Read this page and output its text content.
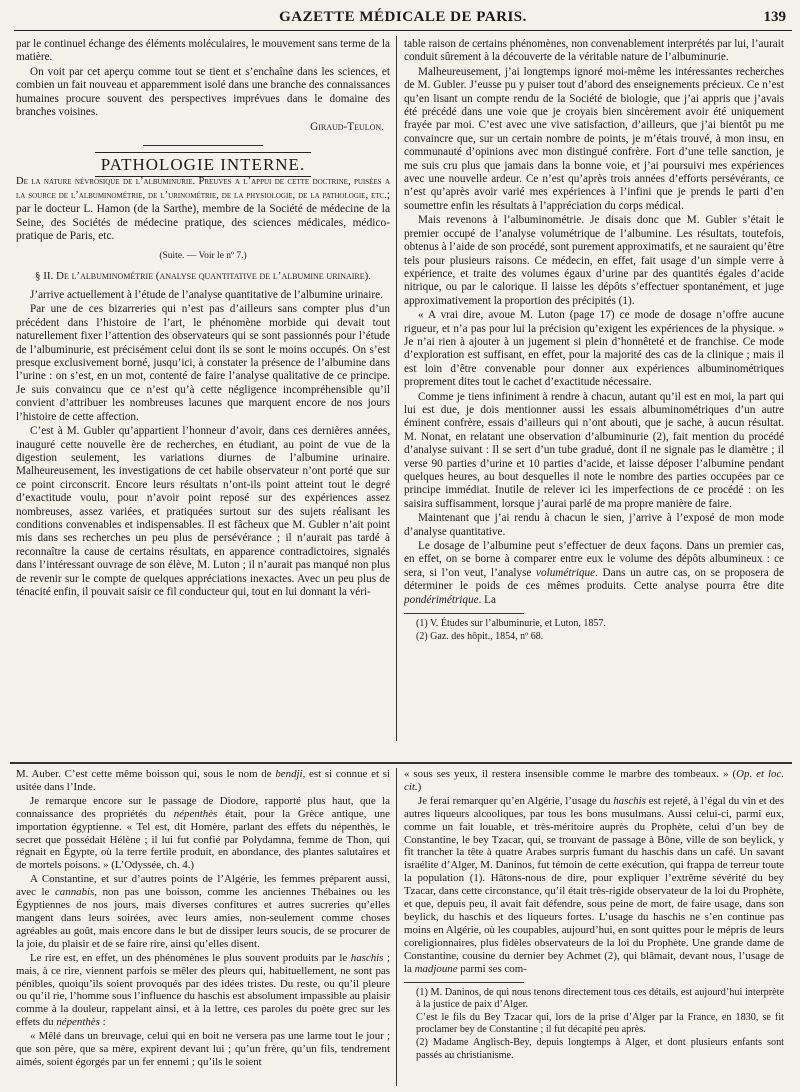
GAZETTE MÉDICALE DE PARIS.	139

par le continuel échange des éléments moléculaires, le mouvement sans terme de la matière.

On voit par cet aperçu comme tout se tient et s’enchaîne dans les sciences, et combien un fait nouveau et apparemment isolé dans une branche des connaissances humaines procure souvent des perspectives imprévues dans le domaine des branches voisines.

Giraud-Teulon.
PATHOLOGIE INTERNE.

De la nature névrosique de l’albuminurie. Preuves a l’appui de cette doctrine, puisées a la source de l’albuminométrie, de l’urinométrie, de la physiologie, de la pathologie, etc.; par le docteur L. Hamon (de la Sarthe), membre de la Société de médecine de la Seine, des Sociétés de médecine pratique, des sciences médicales, médico-pratique de Paris, etc.

(Suite. — Voir le nº 7.)
§ II. De l’albuminométrie (analyse quantitative de l’albumine urinaire).

J’arrive actuellement à l’étude de l’analyse quantitative de l’albumine urinaire.

Par une de ces bizarreries qui n’est pas d’ailleurs sans compter plus d’un précédent dans l’histoire de l’art, le phénomène morbide qui devait tout naturellement fixer l’attention des observateurs qui se sont passionnés pour l’étude de l’albuminurie, est précisément celui dont ils se sont le moins occupés. On s’est presque exclusivement borné, jusqu’ici, à constater la présence de l’albumine dans l’urine : on s’est, en un mot, contenté de faire l’analyse qualitative de ce principe. Je suis convaincu que ce n’est qu’à cette négligence incompréhensible qu’il convient d’attribuer les nombreuses lacunes que marquent encore de nos jours l’histoire de cette affection.

C’est à M. Gubler qu’appartient l’honneur d’avoir, dans ces dernières années, inauguré cette nouvelle ère de recherches, en étudiant, au point de vue de la digestion seulement, les variations diurnes de l’albumine urinaire. Malheureusement, les investigations de cet habile observateur n’ont porté que sur ce point circonscrit. Encore leurs résultats n’ont-ils point atteint tout le degré d’exactitude voulu, pour n’avoir point reposé sur des expériences assez nombreuses, assez variées, et pratiquées surtout sur des sujets réalisant les conditions convenables et indispensables. Il est fâcheux que M. Gubler n’ait point mis dans ses recherches un peu plus de persévérance ; il n’aurait pas tardé à reconnaître la cause de certains résultats, en apparence contradictoires, signalés dans l’intéressant ouvrage de son élève, M. Luton ; il n’aurait pas manqué non plus de revenir sur le compte de quelques appréciations inexactes. Avec un peu plus de ténacité enfin, il pouvait saisir ce fil conducteur qui, tout en lui donnant la véri-

table raison de certains phénomènes, non convenablement interprétés par lui, l’aurait conduit sûrement à la découverte de la véritable nature de l’albuminurie.

Malheureusement, j’ai longtemps ignoré moi-même les intéressantes recherches de M. Gubler. J’eusse pu y puiser tout d’abord des enseignements précieux. Ce n’est qu’en lisant un compte rendu de la Société de biologie, que j’ai appris que j’avais été précédé dans une voie que je croyais bien sincèrement avoir été uniquement frayée par moi. C’est avec une vive satisfaction, d’ailleurs, que j’ai bientôt pu me convaincre que, sur un certain nombre de points, je m’étais trouvé, à mon insu, en communauté d’opinions avec mon distingué confrère. Fort d’une telle sanction, je me suis cru plus que jamais dans la bonne voie, et j’ai poursuivi mes expériences avec une nouvelle ardeur. Ce n’est qu’après trois années d’efforts persévérants, ce n’est qu’après avoir varié mes expériences à l’infini que je prends le parti d’en soumettre enfin les résultats à l’appréciation du corps médical.

Mais revenons à l’albuminométrie. Je disais donc que M. Gubler s’était le premier occupé de l’analyse volumétrique de l’albumine. Les résultats, toutefois, obtenus à l’aide de son procédé, sont purement approximatifs, et ne sauraient qu’être tels pour plusieurs raisons. Ce médecin, en effet, fait usage d’un simple verre à expérience, et traite des volumes égaux d’urine par des quantités égales d’acide nitrique, ou par le calorique. Il laisse les dépôts s’effectuer spontanément, et juge approximativement la proportion des précipités (1).

« A vrai dire, avoue M. Luton (page 17) ce mode de dosage n’offre aucune rigueur, et n’a pas pour lui la précision qu’exigent les expériences de la physique. » Je n’ai rien à ajouter à un jugement si plein d’honnêteté et de franchise. Ce mode d’exploration est suffisant, en effet, pour la majorité des cas de la clinique ; mais il est loin d’être convenable pour donner aux expériences albuminométriques proprement dites tout le cachet d’exactitude nécessaire.

Comme je tiens infiniment à rendre à chacun, autant qu’il est en moi, la part qui lui est due, je dois mentionner aussi les essais albuminométriques d’un autre éminent confrère, essais d’ailleurs qui n’ont abouti, que je sache, à aucun résultat. M. Nonat, en relatant une observation d’albuminurie (2), fait mention du procédé d’analyse suivant : Il se sert d’un tube gradué, dont il ne signale pas le diamètre ; il verse 90 parties d’urine et 10 parties d’acide, et laisse déposer l’albumine pendant quelques heures, au bout desquelles il note le nombre des parties occupées par ce principe immédiat. Inutile de relever ici les imperfections de ce procédé : on les saisira suffisamment, lorsque j’aurai parlé de ma propre manière de faire.

Maintenant que j’ai rendu à chacun le sien, j’arrive à l’exposé de mon mode d’analyse quantitative.

Le dosage de l’albumine peut s’effectuer de deux façons. Dans un premier cas, en effet, on se borne à comparer entre eux le volume des dépôts albumineux : ce sera, si l’on veut, l’analyse volumétrique. Dans un autre cas, on se proposera de déterminer le poids de ces mêmes produits. Cette analyse pourra être dite pondérimétrique. La

(1) V. Études sur l’albuminurie, et Luton, 1857.

(2) Gaz. des hôpit., 1854, nº 68.

M. Auber. C’est cette même boisson qui, sous le nom de bendji, est si connue et si usitée dans l’Inde.

Je remarque encore sur le passage de Diodore, rapporté plus haut, que la connaissance des propriétés du népenthès était, pour la Grèce antique, une importation égyptienne. « Tel est, dit Homère, parlant des effets du népenthès, le secret que possédait Hélène ; il lui fut confié par Polydamna, femme de Thon, qui régnait en Égypte, où la terre fertile produit, en abondance, des plantes salutaires et de mortels poisons. » (L’Odyssée, ch. 4.)

A Constantine, et sur d’autres points de l’Algérie, les femmes préparent aussi, avec le cannabis, non pas une boisson, comme les anciennes Thébaines ou les Égyptiennes de nos jours, mais diverses confitures et autres sucreries qu’elles mangent dans leurs soirées, avec leurs amies, non-seulement comme choses agréables au goût, mais encore dans le but de dissiper leurs soucis, de se procurer de la joie, du plaisir et de se faire rire, ainsi qu’elles disent.

Le rire est, en effet, un des phénomènes le plus souvent produits par le haschis ; mais, à ce rire, viennent parfois se mêler des pleurs qui, habituellement, ne sont pas pénibles, quoiqu’ils soient provoqués par des idées tristes. Du reste, ou qu’il pleure ou qu’il rie, l’homme sous l’influence du haschis est absolument impassible au plaisir comme à la douleur, rappelant ainsi, et à la lettre, ces paroles du poète grec sur les effets du népenthès :

« Mêlé dans un breuvage, celui qui en boit ne versera pas une larme tout le jour ; que son père, que sa mère, expirent devant lui ; qu’un frère, qu’un fils, tendrement aimés, soient égorgés par un fer ennemi ; qu’ils le soient

« sous ses yeux, il restera insensible comme le marbre des tombeaux. » (Op. et loc. cit.)

Je ferai remarquer qu’en Algérie, l’usage du haschis est rejeté, à l’égal du vin et des autres liqueurs alcooliques, par tous les bons musulmans. Aussi celui-ci, parmi eux, comme un fait louable, et très-méritoire auprès du Prophète, celui d’un bey de Constantine, le bey Tzacar, qui, se trouvant de passage à Bône, ville de son beylick, y fit trancher la tête à quatre Arabes surpris fumant du haschis dans un café. Un savant israélite d’Alger, M. Daninos, fut témoin de cette exécution, qui frappa de terreur toute la population (1). Hâtons-nous de dire, pour expliquer l’extrême sévérité du bey Tzacar, dans cette circonstance, qu’il était très-rigide observateur de la loi du Prophète, et que, depuis peu, il avait fait défendre, sous peine de mort, de faire usage, dans son beylick, du haschis et des liqueurs fortes. L’usage du haschis ne s’en continue pas moins en Algérie, où les coupables, aujourd’hui, en sont quittes pour le mépris de leurs coreligionnaires, plus fidèles observateurs de la loi du Prophète. Une grande dame de Constantine, cousine du dernier bey Achmet (2), qui blâmait, devant nous, l’usage de la madjoune parmi ses com-

(1) M. Daninos, de qui nous tenons directement tous ces détails, est aujourd’hui interprète à la justice de paix d’Alger.

C’est le fils du Bey Tzacar qui, lors de la prise d’Alger par la France, en 1830, se fit proclamer bey de Constantine ; il fut décapité peu après.

(2) Madame Anglisch-Bey, depuis longtemps à Alger, et dont plusieurs enfants sont passés au christianisme.
